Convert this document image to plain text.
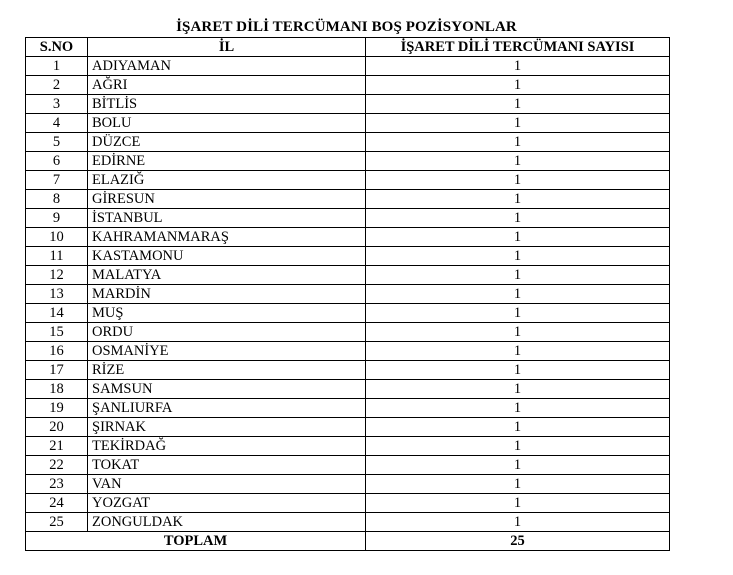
İŞARET DİLİ TERCÜMANI BOŞ POZİSYONLAR
S.NO	İL	İŞARET DİLİ TERCÜMANI SAYISI
1	ADIYAMAN	1
2	AĞRI	1
3	BİTLİS	1
4	BOLU	1
5	DÜZCE	1
6	EDİRNE	1
7	ELAZIĞ	1
8	GİRESUN	1
9	İSTANBUL	1
10	KAHRAMANMARAŞ	1
11	KASTAMONU	1
12	MALATYA	1
13	MARDİN	1
14	MUŞ	1
15	ORDU	1
16	OSMANİYE	1
17	RİZE	1
18	SAMSUN	1
19	ŞANLIURFA	1
20	ŞIRNAK	1
21	TEKİRDAĞ	1
22	TOKAT	1
23	VAN	1
24	YOZGAT	1
25	ZONGULDAK	1
TOPLAM		25
